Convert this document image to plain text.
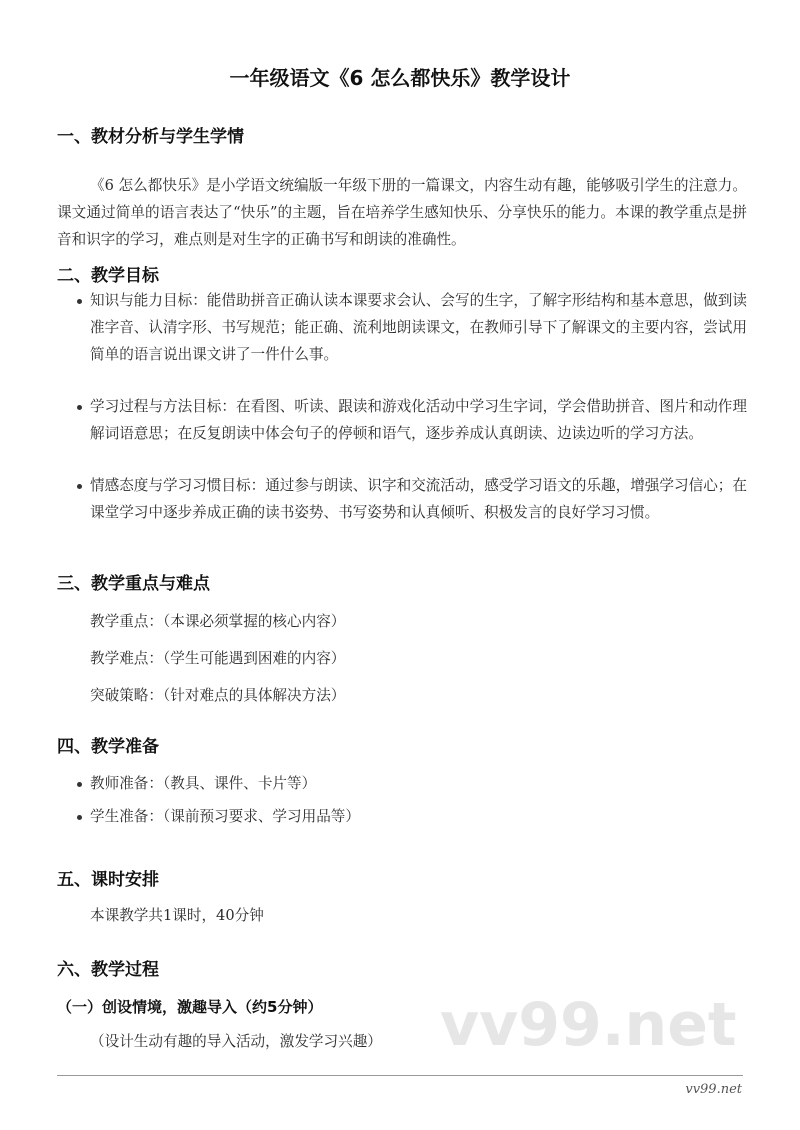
vv99.net
一年级语文《6 怎么都快乐》教学设计
一、教材分析与学生学情
《6 怎么都快乐》是小学语文统编版一年级下册的一篇课文，内容生动有趣，能够吸引学生的注意力。课文通过简单的语言表达了“快乐”的主题，旨在培养学生感知快乐、分享快乐的能力。本课的教学重点是拼音和识字的学习，难点则是对生字的正确书写和朗读的准确性。
二、教学目标
知识与能力目标：能借助拼音正确认读本课要求会认、会写的生字，了解字形结构和基本意思，做到读准字音、认清字形、书写规范；能正确、流利地朗读课文，在教师引导下了解课文的主要内容，尝试用简单的语言说出课文讲了一件什么事。
学习过程与方法目标：在看图、听读、跟读和游戏化活动中学习生字词，学会借助拼音、图片和动作理解词语意思；在反复朗读中体会句子的停顿和语气，逐步养成认真朗读、边读边听的学习方法。
情感态度与学习习惯目标：通过参与朗读、识字和交流活动，感受学习语文的乐趣，增强学习信心；在课堂学习中逐步养成正确的读书姿势、书写姿势和认真倾听、积极发言的良好学习习惯。
三、教学重点与难点
教学重点：（本课必须掌握的核心内容）
教学难点：（学生可能遇到困难的内容）
突破策略：（针对难点的具体解决方法）
四、教学准备
教师准备：（教具、课件、卡片等）
学生准备：（课前预习要求、学习用品等）
五、课时安排
本课教学共1课时，40分钟
六、教学过程
（一）创设情境，激趣导入（约5分钟）
（设计生动有趣的导入活动，激发学习兴趣）
vv99.net
